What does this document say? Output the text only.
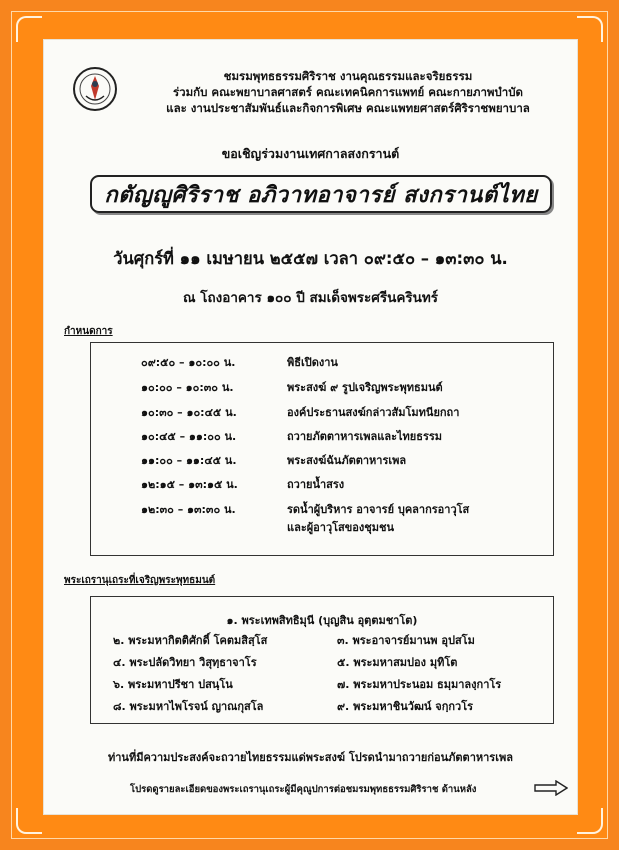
ชมรมพุทธธรรมศิริราช งานคุณธรรมและจริยธรรม
ร่วมกับ คณะพยาบาลศาสตร์ คณะเทคนิคการแพทย์ คณะกายภาพบำบัด
และ งานประชาสัมพันธ์และกิจการพิเศษ คณะแพทยศาสตร์ศิริราชพยาบาล
ขอเชิญร่วมงานเทศกาลสงกรานต์
กตัญญูศิริราช อภิวาทอาจารย์ สงกรานต์ไทย
วันศุกร์ที่ ๑๑ เมษายน ๒๕๕๗ เวลา ๐๙:๕๐ – ๑๓:๓๐ น.
ณ โถงอาคาร ๑๐๐ ปี สมเด็จพระศรีนครินทร์
กำหนดการ
๐๙:๕๐ – ๑๐:๐๐ น.	พิธีเปิดงาน
๑๐:๐๐ – ๑๐:๓๐ น.	พระสงฆ์ ๙ รูปเจริญพระพุทธมนต์
๑๐:๓๐ – ๑๐:๔๕ น.	องค์ประธานสงฆ์กล่าวสัมโมทนียกถา
๑๐:๔๕ – ๑๑:๐๐ น.	ถวายภัตตาหารเพลและไทยธรรม
๑๑:๐๐ – ๑๑:๔๕ น.	พระสงฆ์ฉันภัตตาหารเพล
๑๒:๑๕ – ๑๓:๑๕ น.	ถวายน้ำสรง
๑๒:๓๐ – ๑๓:๓๐ น.	รดน้ำผู้บริหาร อาจารย์ บุคลากรอาวุโส
และผู้อาวุโสของชุมชน
พระเถรานุเถระที่เจริญพระพุทธมนต์
๑. พระเทพสิทธิมุนี (บุญสิน อุตฺตมชาโต)
๒. พระมหากิตติศักดิ์ โคตมสิสฺโส	๓. พระอาจารย์มานพ อุปสโม
๔. พระปลัดวิทยา วิสุทฺธาจาโร	๕. พระมหาสมปอง มุทิโต
๖. พระมหาปรีชา ปสนฺโน	๗. พระมหาประนอม ธมฺมาลงฺกาโร
๘. พระมหาไพโรจน์ ญาณกุสโล	๙. พระมหาชินวัฒน์ จกฺกวโร
ท่านที่มีความประสงค์จะถวายไทยธรรมแด่พระสงฆ์ โปรดนำมาถวายก่อนภัตตาหารเพล
โปรดดูรายละเอียดของพระเถรานุเถระผู้มีคุณูปการต่อชมรมพุทธธรรมศิริราช ด้านหลัง
